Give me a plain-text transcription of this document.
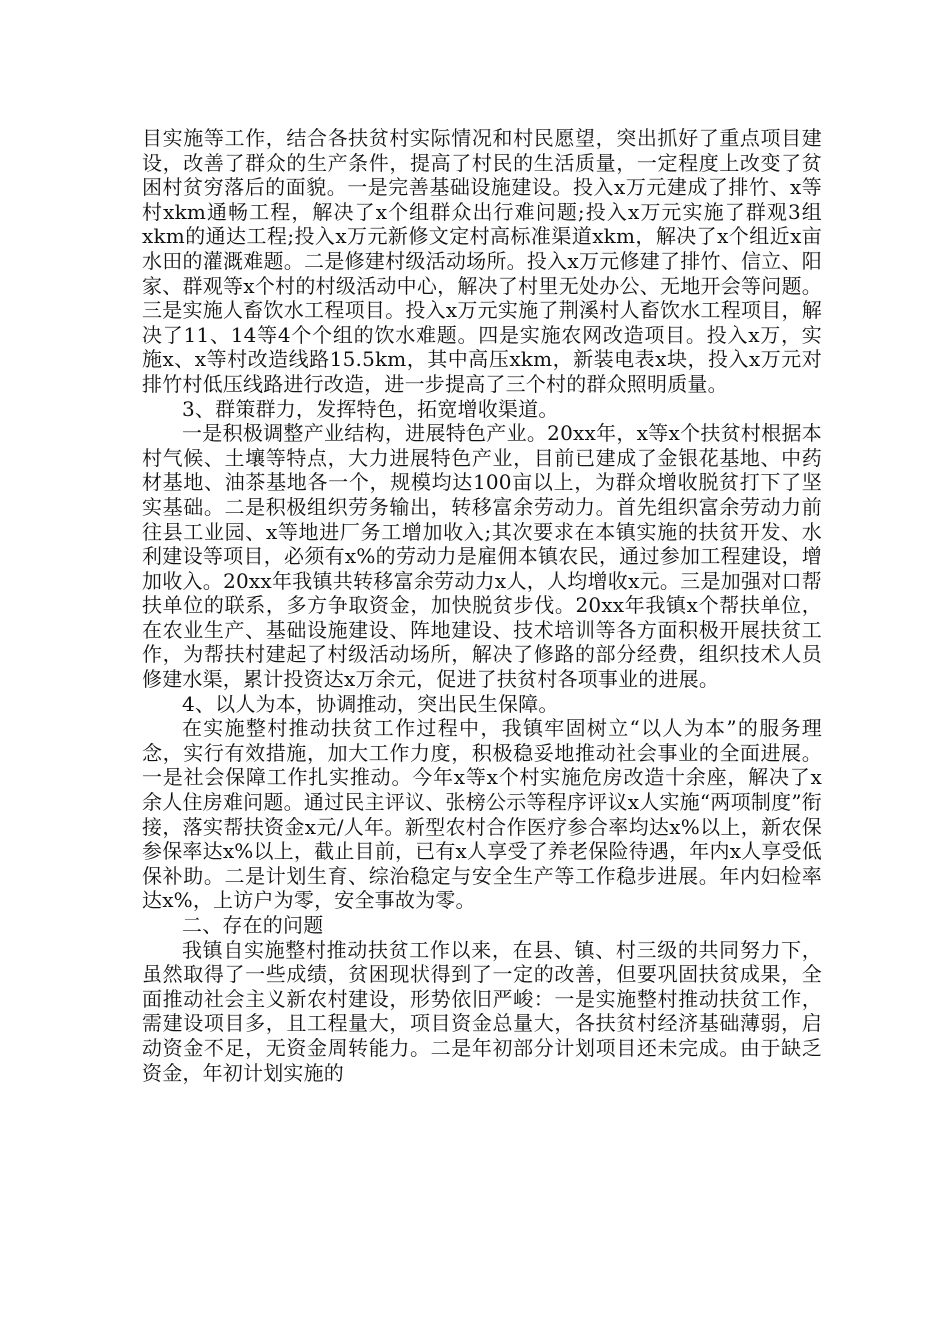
目实施等工作，结合各扶贫村实际情况和村民愿望，突出抓好了重点项目建设，改善了群众的生产条件，提高了村民的生活质量，一定程度上改变了贫困村贫穷落后的面貌。一是完善基础设施建设。投入x万元建成了排竹、x等村xkm通畅工程，解决了x个组群众出行难问题;投入x万元实施了群观3组xkm的通达工程;投入x万元新修文定村高标准渠道xkm，解决了x个组近x亩水田的灌溉难题。二是修建村级活动场所。投入x万元修建了排竹、信立、阳家、群观等x个村的村级活动中心，解决了村里无处办公、无地开会等问题。三是实施人畜饮水工程项目。投入x万元实施了荆溪村人畜饮水工程项目，解决了11、14等4个个组的饮水难题。四是实施农网改造项目。投入x万，实施x、x等村改造线路15.5km，其中高压xkm，新装电表x块，投入x万元对排竹村低压线路进行改造，进一步提高了三个村的群众照明质量。

3、群策群力，发挥特色，拓宽增收渠道。

一是积极调整产业结构，进展特色产业。20xx年，x等x个扶贫村根据本村气候、土壤等特点，大力进展特色产业，目前已建成了金银花基地、中药材基地、油茶基地各一个，规模均达100亩以上，为群众增收脱贫打下了坚实基础。二是积极组织劳务输出，转移富余劳动力。首先组织富余劳动力前往县工业园、x等地进厂务工增加收入;其次要求在本镇实施的扶贫开发、水利建设等项目，必须有x%的劳动力是雇佣本镇农民，通过参加工程建设，增加收入。20xx年我镇共转移富余劳动力x人，人均增收x元。三是加强对口帮扶单位的联系，多方争取资金，加快脱贫步伐。20xx年我镇x个帮扶单位，在农业生产、基础设施建设、阵地建设、技术培训等各方面积极开展扶贫工作，为帮扶村建起了村级活动场所，解决了修路的部分经费，组织技术人员修建水渠，累计投资达x万余元，促进了扶贫村各项事业的进展。

4、以人为本，协调推动，突出民生保障。

在实施整村推动扶贫工作过程中，我镇牢固树立“以人为本”的服务理念，实行有效措施，加大工作力度，积极稳妥地推动社会事业的全面进展。一是社会保障工作扎实推动。今年x等x个村实施危房改造十余座，解决了x余人住房难问题。通过民主评议、张榜公示等程序评议x人实施“两项制度”衔接，落实帮扶资金x元/人年。新型农村合作医疗参合率均达x%以上，新农保参保率达x%以上，截止目前，已有x人享受了养老保险待遇，年内x人享受低保补助。二是计划生育、综治稳定与安全生产等工作稳步进展。年内妇检率达x%，上访户为零，安全事故为零。

二、存在的问题

我镇自实施整村推动扶贫工作以来，在县、镇、村三级的共同努力下，虽然取得了一些成绩，贫困现状得到了一定的改善，但要巩固扶贫成果，全面推动社会主义新农村建设，形势依旧严峻：一是实施整村推动扶贫工作，需建设项目多，且工程量大，项目资金总量大，各扶贫村经济基础薄弱，启动资金不足，无资金周转能力。二是年初部分计划项目还未完成。由于缺乏资金，年初计划实施的
